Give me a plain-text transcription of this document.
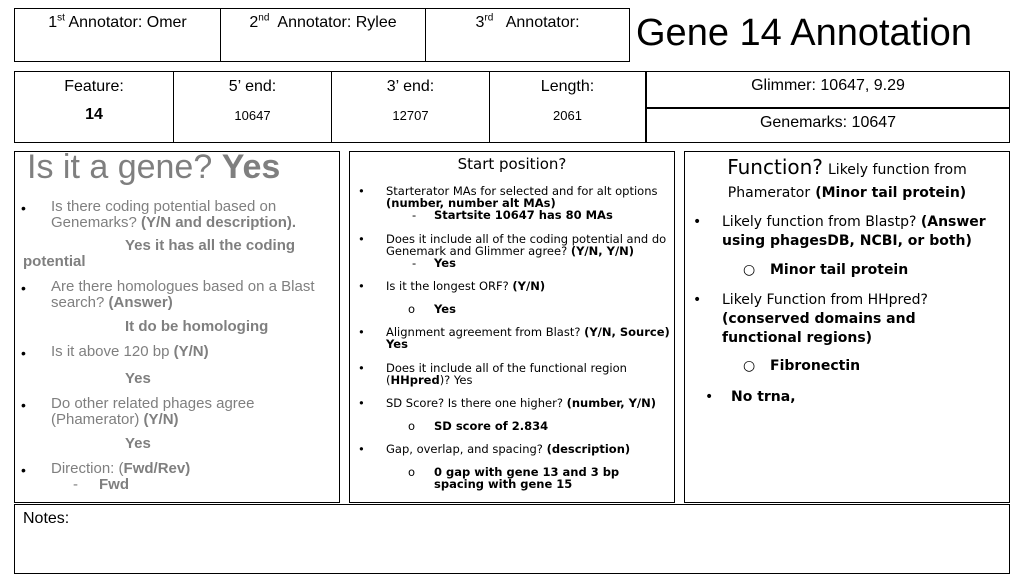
1st Annotator: Omer	2nd  Annotator: Rylee	3rd   Annotator:	Gene 14 Annotation
Feature:
14
5’ end:
10647
3’ end:
12707
Length:
2061
Glimmer: 10647, 9.29
Genemarks: 10647
Is it a gene? Yes
• Is there coding potential based on Genemarks? (Y/N and description).
Yes it has all the coding potential
• Are there homologues based on a Blast search? (Answer)
It do be homologing
• Is it above 120 bp (Y/N)
Yes
• Do other related phages agree (Phamerator) (Y/N)
Yes
• Direction: (Fwd/Rev)
- Fwd
Start position?
• Starterator MAs for selected and for alt options (number, number alt MAs)
- Startsite 10647 has 80 MAs
• Does it include all of the coding potential and do Genemark and Glimmer agree? (Y/N, Y/N)
- Yes
• Is it the longest ORF? (Y/N)
o Yes
• Alignment agreement from Blast? (Y/N, Source)
Yes
• Does it include all of the functional region (HHpred)? Yes
• SD Score? Is there one higher? (number, Y/N)
o SD score of 2.834
• Gap, overlap, and spacing? (description)
o 0 gap with gene 13 and 3 bp spacing with gene 15
Function? Likely function from Phamerator (Minor tail protein)
• Likely function from Blastp? (Answer using phagesDB, NCBI, or both)
○ Minor tail protein
• Likely Function from HHpred? (conserved domains and functional regions)
○ Fibronectin
• No trna,
Notes:
